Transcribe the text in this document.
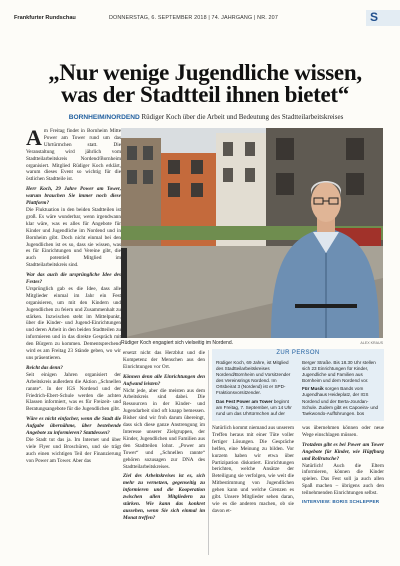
Frankfurter Rundschau	DONNERSTAG, 6. SEPTEMBER 2018 | 74. JAHRGANG | NR. 207	S
„Nur wenige Jugendliche wissen,
was der Stadtteil ihnen bietet“
BORNHEIM/NORDEND Rüdiger Koch über die Arbeit und Bedeutung des Stadtteilarbeitskreises
A m Freitag findet in Bornheim Mitte Power am Tower rund um das Uhrtürmchen statt. Die Veranstaltung wird jährlich vom Stadtteilarbeitskreis Nordend/Bornheim organisiert. Mitglied Rüdiger Koch erklärt, warum dieses Event so wichtig für die östlichen Stadtteile ist.

Herr Koch, 29 Jahre Power am Tower, warum brauchen Sie immer noch diese Plattform?

Die Fluktuation in den beiden Stadtteilen ist groß. Es wäre wunderbar, wenn irgendwann klar wäre, was es alles für Angebote für Kinder und Jugendliche im Nordend und in Bornheim gibt. Doch nicht einmal bei den Jugendlichen ist es so, dass sie wissen, was es für Einrichtungen und Vereine gibt, die auch potentiell Mitglied im Stadtteilarbeitskreis sind.

War das auch die ursprüngliche Idee des Festes?

Ursprünglich gab es die Idee, dass alle Mitglieder einmal im Jahr ein Fest organisieren, um mit den Kindern und Jugendlichen zu feiern und Zusammenhalt zu stärken. Inzwischen steht im Mittelpunkt, über die Kinder- und Jugend-Einrichtungen und deren Arbeit in den beiden Stadtteilen zu informieren und in das direkte Gespräch mit den Bürgern zu kommen. Dementsprechend wird es am Freitag 23 Stände geben, wo wir uns präsentieren.

Reicht das denn?

Seit einigen Jahren organisiert der Arbeitskreis außerdem die Aktion „Schnellen rannte“. In der IGS Nordend und der Friedrich-Ebert-Schule werden die achten Klassen informiert, was es für Freizeit- und Beratungsangebote für die Jugendlichen gibt.

Wäre es nicht einfacher, wenn die Stadt die Aufgabe übernähme, über bestehende Angebote zu informieren? Stattdessen?

Die Stadt tut das ja. Im Internet und über viele Flyer und Broschüren, und sie trägt auch einen wichtigen Teil der Finanzierung von Power am Tower. Aber das

Rüdiger Koch engagiert sich vielseitig im Nordend.	ALEX KRAUS

ersetzt nicht das Herzblut und die Kompetenz der Menschen aus den Einrichtungen vor Ort.

Können denn alle Einrichtungen den Aufwand leisten?

Nicht jede, aber die meisten aus dem Arbeitskreis sind dabei. Die Ressourcen in der Kinder- und Jugendarbeit sind oft knapp bemessen. Bisher sind wir froh darum übereingt, dass sich diese ganze Anstrengung im Interesse unserer Zielgruppen, der Kinder, Jugendlichen und Familien aus den Stadtteilen lohnt. „Power am Tower“ und „Schnellen rannte“ gehören sozusagen zur DNA des Stadtteilarbeitskreises.

Ziel des Arbeitskreises ist es, sich mehr zu vernetzen, gegenseitig zu informieren und die Kooperation zwischen allen Mitgliedern zu stärken. Wie kann das konkret aussehen, wenn Sie sich einmal im Monat treffen?

ZUR PERSON

Rüdiger Koch, 69 Jahre, ist Mitglied des Stadtteilarbeitskreises Nordend/Bornheim und Vorsitzender des Vereinsrings Nordend. Im Ortsbeirat 3 (Nordend) ist er SPD-Fraktionsvorsitzender.

Das Fest Power am Tower beginnt am Freitag, 7. September, um 14 Uhr rund um das Uhrtürmchen auf der

Berger Straße. Bis 18.30 Uhr stellen sich 23 Einrichtungen für Kinder, Jugendliche und Familien aus Bornheim und dem Nordend vor.

Für Musik sorgen Bands vom Jugendhaus Heideplatz, der IGS Nordend und der Berta-Jourdan-Schule. Zudem gibt es Capoeira- und Taekwondo-Aufführungen. bos

Natürlich kommt niemand aus unserem Treffen heraus mit einer Tüte voller fertiger Lösungen. Die Gespräche helfen, eine Meinung zu bilden. Vor kurzem haben wir etwa über Partizipation diskutiert. Einrichtungen berichten, welche Ansätze der Beteiligung sie verfolgen, wie weit die Mitbestimmung von Jugendlichen gehen kann und welche Grenzen es gibt. Unsere Mitglieder sehen daran, wie es die anderen machen, ob sie davon et-

was übernehmen können oder neue Wege einschlagen müssen.

Trotzdem gibt es bei Power am Tower Angebote für Kinder, wie Hüpfburg und Rollrutsche?

Natürlich! Auch die Eltern informieren, können die Kinder spielen. Das Fest soll ja auch allen Spaß machen – übrigens auch den teilnehmenden Einrichtungen selbst.

INTERVIEW: BORIS SCHLEPPER
